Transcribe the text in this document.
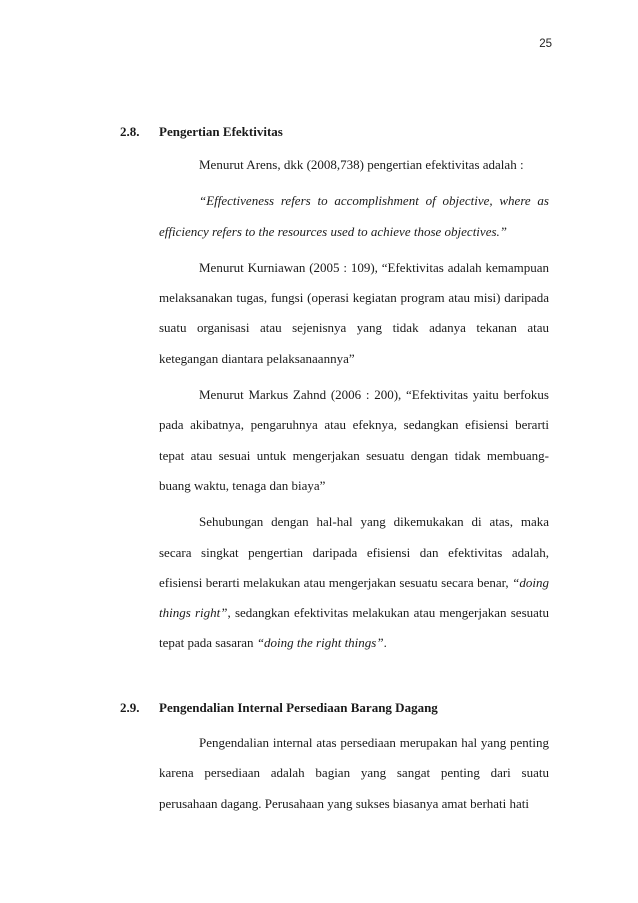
25
2.8. Pengertian Efektivitas

Menurut Arens, dkk (2008,738) pengertian efektivitas adalah :

“Effectiveness refers to accomplishment of objective, where as efficiency refers to the resources used to achieve those objectives.”

Menurut Kurniawan (2005 : 109), “Efektivitas adalah kemampuan melaksanakan tugas, fungsi (operasi kegiatan program atau misi) daripada suatu organisasi atau sejenisnya yang tidak adanya tekanan atau ketegangan diantara pelaksanaannya”

Menurut Markus Zahnd (2006 : 200), “Efektivitas yaitu berfokus pada akibatnya, pengaruhnya atau efeknya, sedangkan efisiensi berarti tepat atau sesuai untuk mengerjakan sesuatu dengan tidak membuang-buang waktu, tenaga dan biaya”

Sehubungan dengan hal-hal yang dikemukakan di atas, maka secara singkat pengertian daripada efisiensi dan efektivitas adalah, efisiensi berarti melakukan atau mengerjakan sesuatu secara benar, “doing things right”, sedangkan efektivitas melakukan atau mengerjakan sesuatu tepat pada sasaran “doing the right things”.

2.9. Pengendalian Internal Persediaan Barang Dagang

Pengendalian internal atas persediaan merupakan hal yang penting karena persediaan adalah bagian yang sangat penting dari suatu perusahaan dagang. Perusahaan yang sukses biasanya amat berhati hati
